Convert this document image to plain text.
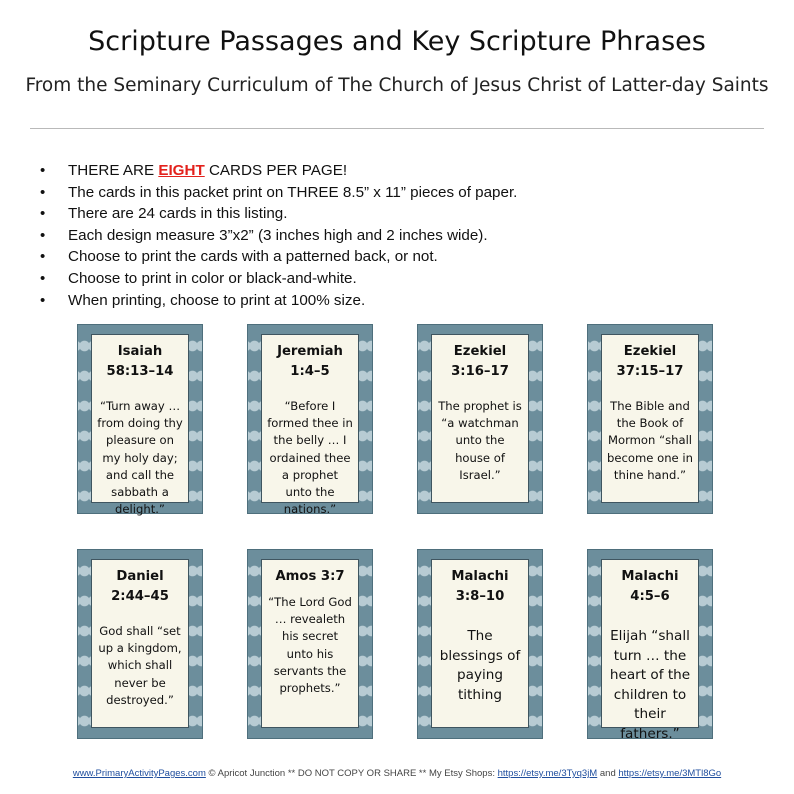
Scripture Passages and Key Scripture Phrases
From the Seminary Curriculum of The Church of Jesus Christ of Latter-day Saints
• THERE ARE EIGHT CARDS PER PAGE!
• The cards in this packet print on THREE 8.5” x 11” pieces of paper.
• There are 24 cards in this listing.
• Each design measure 3”x2” (3 inches high and 2 inches wide).
• Choose to print the cards with a patterned back, or not.
• Choose to print in color or black-and-white.
• When printing, choose to print at 100% size.
Isaiah
58:13–14
“Turn away … from doing thy pleasure on my holy day; and call the sabbath a delight.”
Jeremiah
1:4–5
“Before I formed thee in the belly … I ordained thee a prophet unto the nations.”
Ezekiel
3:16–17
The prophet is “a watchman unto the house of Israel.”
Ezekiel
37:15–17
The Bible and the Book of Mormon “shall become one in thine hand.”
Daniel
2:44–45
God shall “set up a kingdom, which shall never be destroyed.”
Amos 3:7
“The Lord God … revealeth his secret unto his servants the prophets.”
Malachi
3:8–10
The blessings of paying tithing
Malachi
4:5–6
Elijah “shall turn … the heart of the children to their fathers.”
www.PrimaryActivityPages.com © Apricot Junction ** DO NOT COPY OR SHARE ** My Etsy Shops: https://etsy.me/3Tyq3jM and https://etsy.me/3MTl8Go
